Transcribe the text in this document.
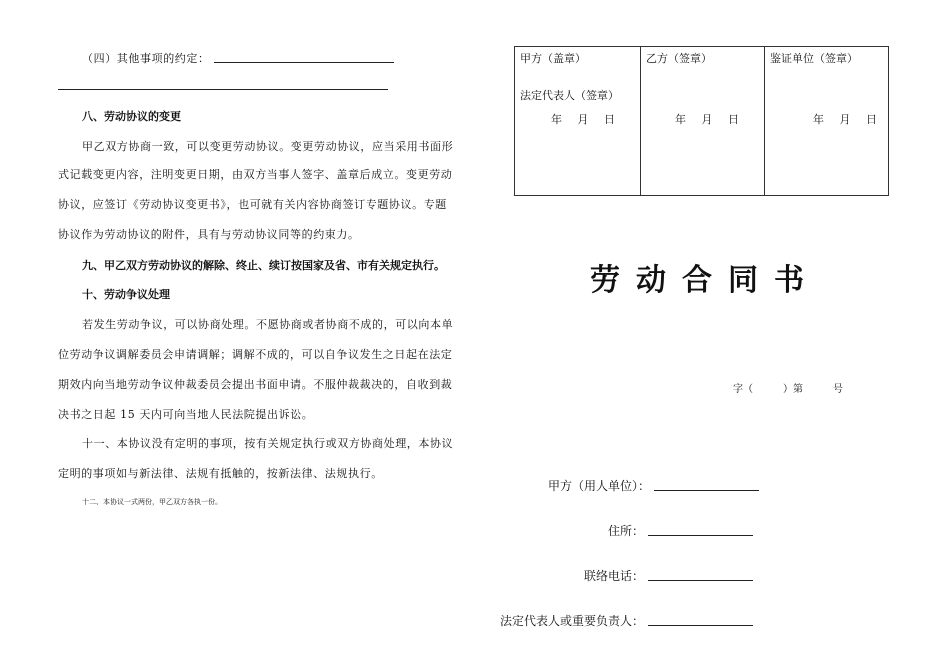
（四）其他事项的约定：
八、劳动协议的变更
甲乙双方协商一致，可以变更劳动协议。变更劳动协议，应当采用书面形
式记载变更内容，注明变更日期，由双方当事人签字、盖章后成立。变更劳动
协议，应签订《劳动协议变更书》，也可就有关内容协商签订专题协议。专题
协议作为劳动协议的附件，具有与劳动协议同等的约束力。
九、甲乙双方劳动协议的解除、终止、续订按国家及省、市有关规定执行。
十、劳动争议处理
若发生劳动争议，可以协商处理。不愿协商或者协商不成的，可以向本单
位劳动争议调解委员会申请调解；调解不成的，可以自争议发生之日起在法定
期效内向当地劳动争议仲裁委员会提出书面申请。不服仲裁裁决的，自收到裁
决书之日起 15 天内可向当地人民法院提出诉讼。
十一、本协议没有定明的事项，按有关规定执行或双方协商处理，本协议
定明的事项如与新法律、法规有抵触的，按新法律、法规执行。
十二、本协议一式两份，甲乙双方各执一份。
甲方（盖章）
法定代表人（签章）
年 月 日
乙方（签章）
年 月 日
鉴证单位（签章）
年 月 日
劳动合同书
字（　　　）第　　　号
甲方（用人单位）：
住所：
联络电话：
法定代表人或重要负责人：
